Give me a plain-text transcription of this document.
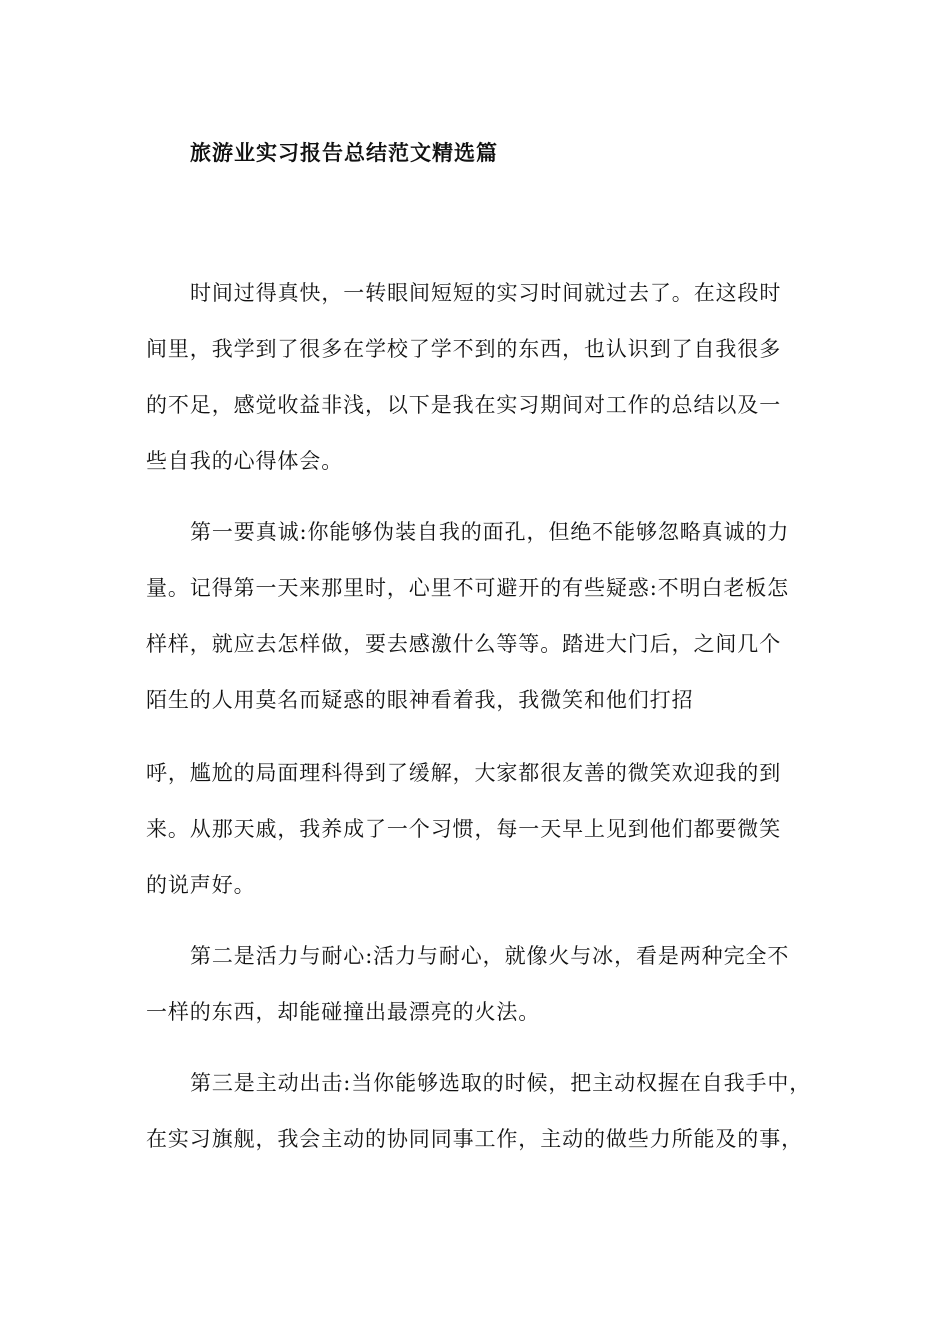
旅游业实习报告总结范文精选篇
时间过得真快，一转眼间短短的实习时间就过去了。在这段时
间里，我学到了很多在学校了学不到的东西，也认识到了自我很多
的不足，感觉收益非浅，以下是我在实习期间对工作的总结以及一
些自我的心得体会。
第一要真诚:你能够伪装自我的面孔，但绝不能够忽略真诚的力
量。记得第一天来那里时，心里不可避开的有些疑惑:不明白老板怎
样样，就应去怎样做，要去感激什么等等。踏进大门后，之间几个
陌生的人用莫名而疑惑的眼神看着我，我微笑和他们打招
呼，尴尬的局面理科得到了缓解，大家都很友善的微笑欢迎我的到
来。从那天戚，我养成了一个习惯，每一天早上见到他们都要微笑
的说声好。
第二是活力与耐心:活力与耐心，就像火与冰，看是两种完全不
一样的东西，却能碰撞出最漂亮的火法。
第三是主动出击:当你能够选取的时候，把主动权握在自我手中，
在实习旗舰，我会主动的协同同事工作，主动的做些力所能及的事，
